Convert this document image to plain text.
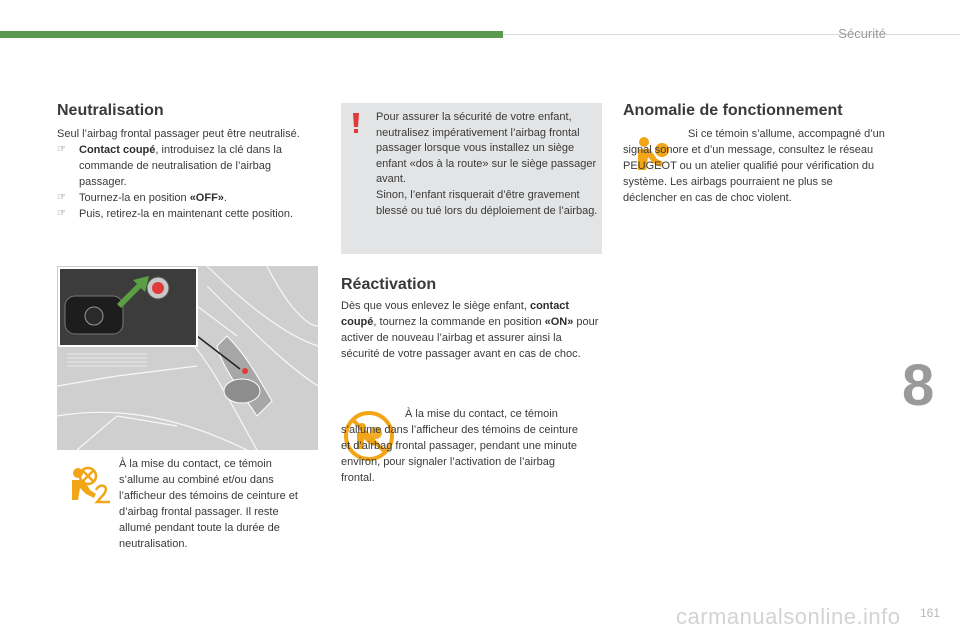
Sécurité
8
161
carmanualsonline.info
Neutralisation

Seul l’airbag frontal passager peut être neutralisé.

☞ Contact coupé, introduisez la clé dans la commande de neutralisation de l’airbag passager.

☞ Tournez-la en position «OFF».

☞ Puis, retirez-la en maintenant cette position.

À la mise du contact, ce témoin s’allume au combiné et/ou dans l’afficheur des témoins de ceinture et d’airbag frontal passager. Il reste allumé pendant toute la durée de neutralisation.

Pour assurer la sécurité de votre enfant, neutralisez impérativement l’airbag frontal passager lorsque vous installez un siège enfant «dos à la route» sur le siège passager avant.
Sinon, l’enfant risquerait d’être gravement blessé ou tué lors du déploiement de l’airbag.

Réactivation

Dès que vous enlevez le siège enfant, contact coupé, tournez la commande en position «ON» pour activer de nouveau l’airbag et assurer ainsi la sécurité de votre passager avant en cas de choc.

À la mise du contact, ce témoin s’allume dans l’afficheur des témoins de ceinture et d’airbag frontal passager, pendant une minute environ, pour signaler l’activation de l’airbag frontal.

Anomalie de fonctionnement

Si ce témoin s’allume, accompagné d’un signal sonore et d’un message, consultez le réseau PEUGEOT ou un atelier qualifié pour vérification du système. Les airbags pourraient ne plus se déclencher en cas de choc violent.
